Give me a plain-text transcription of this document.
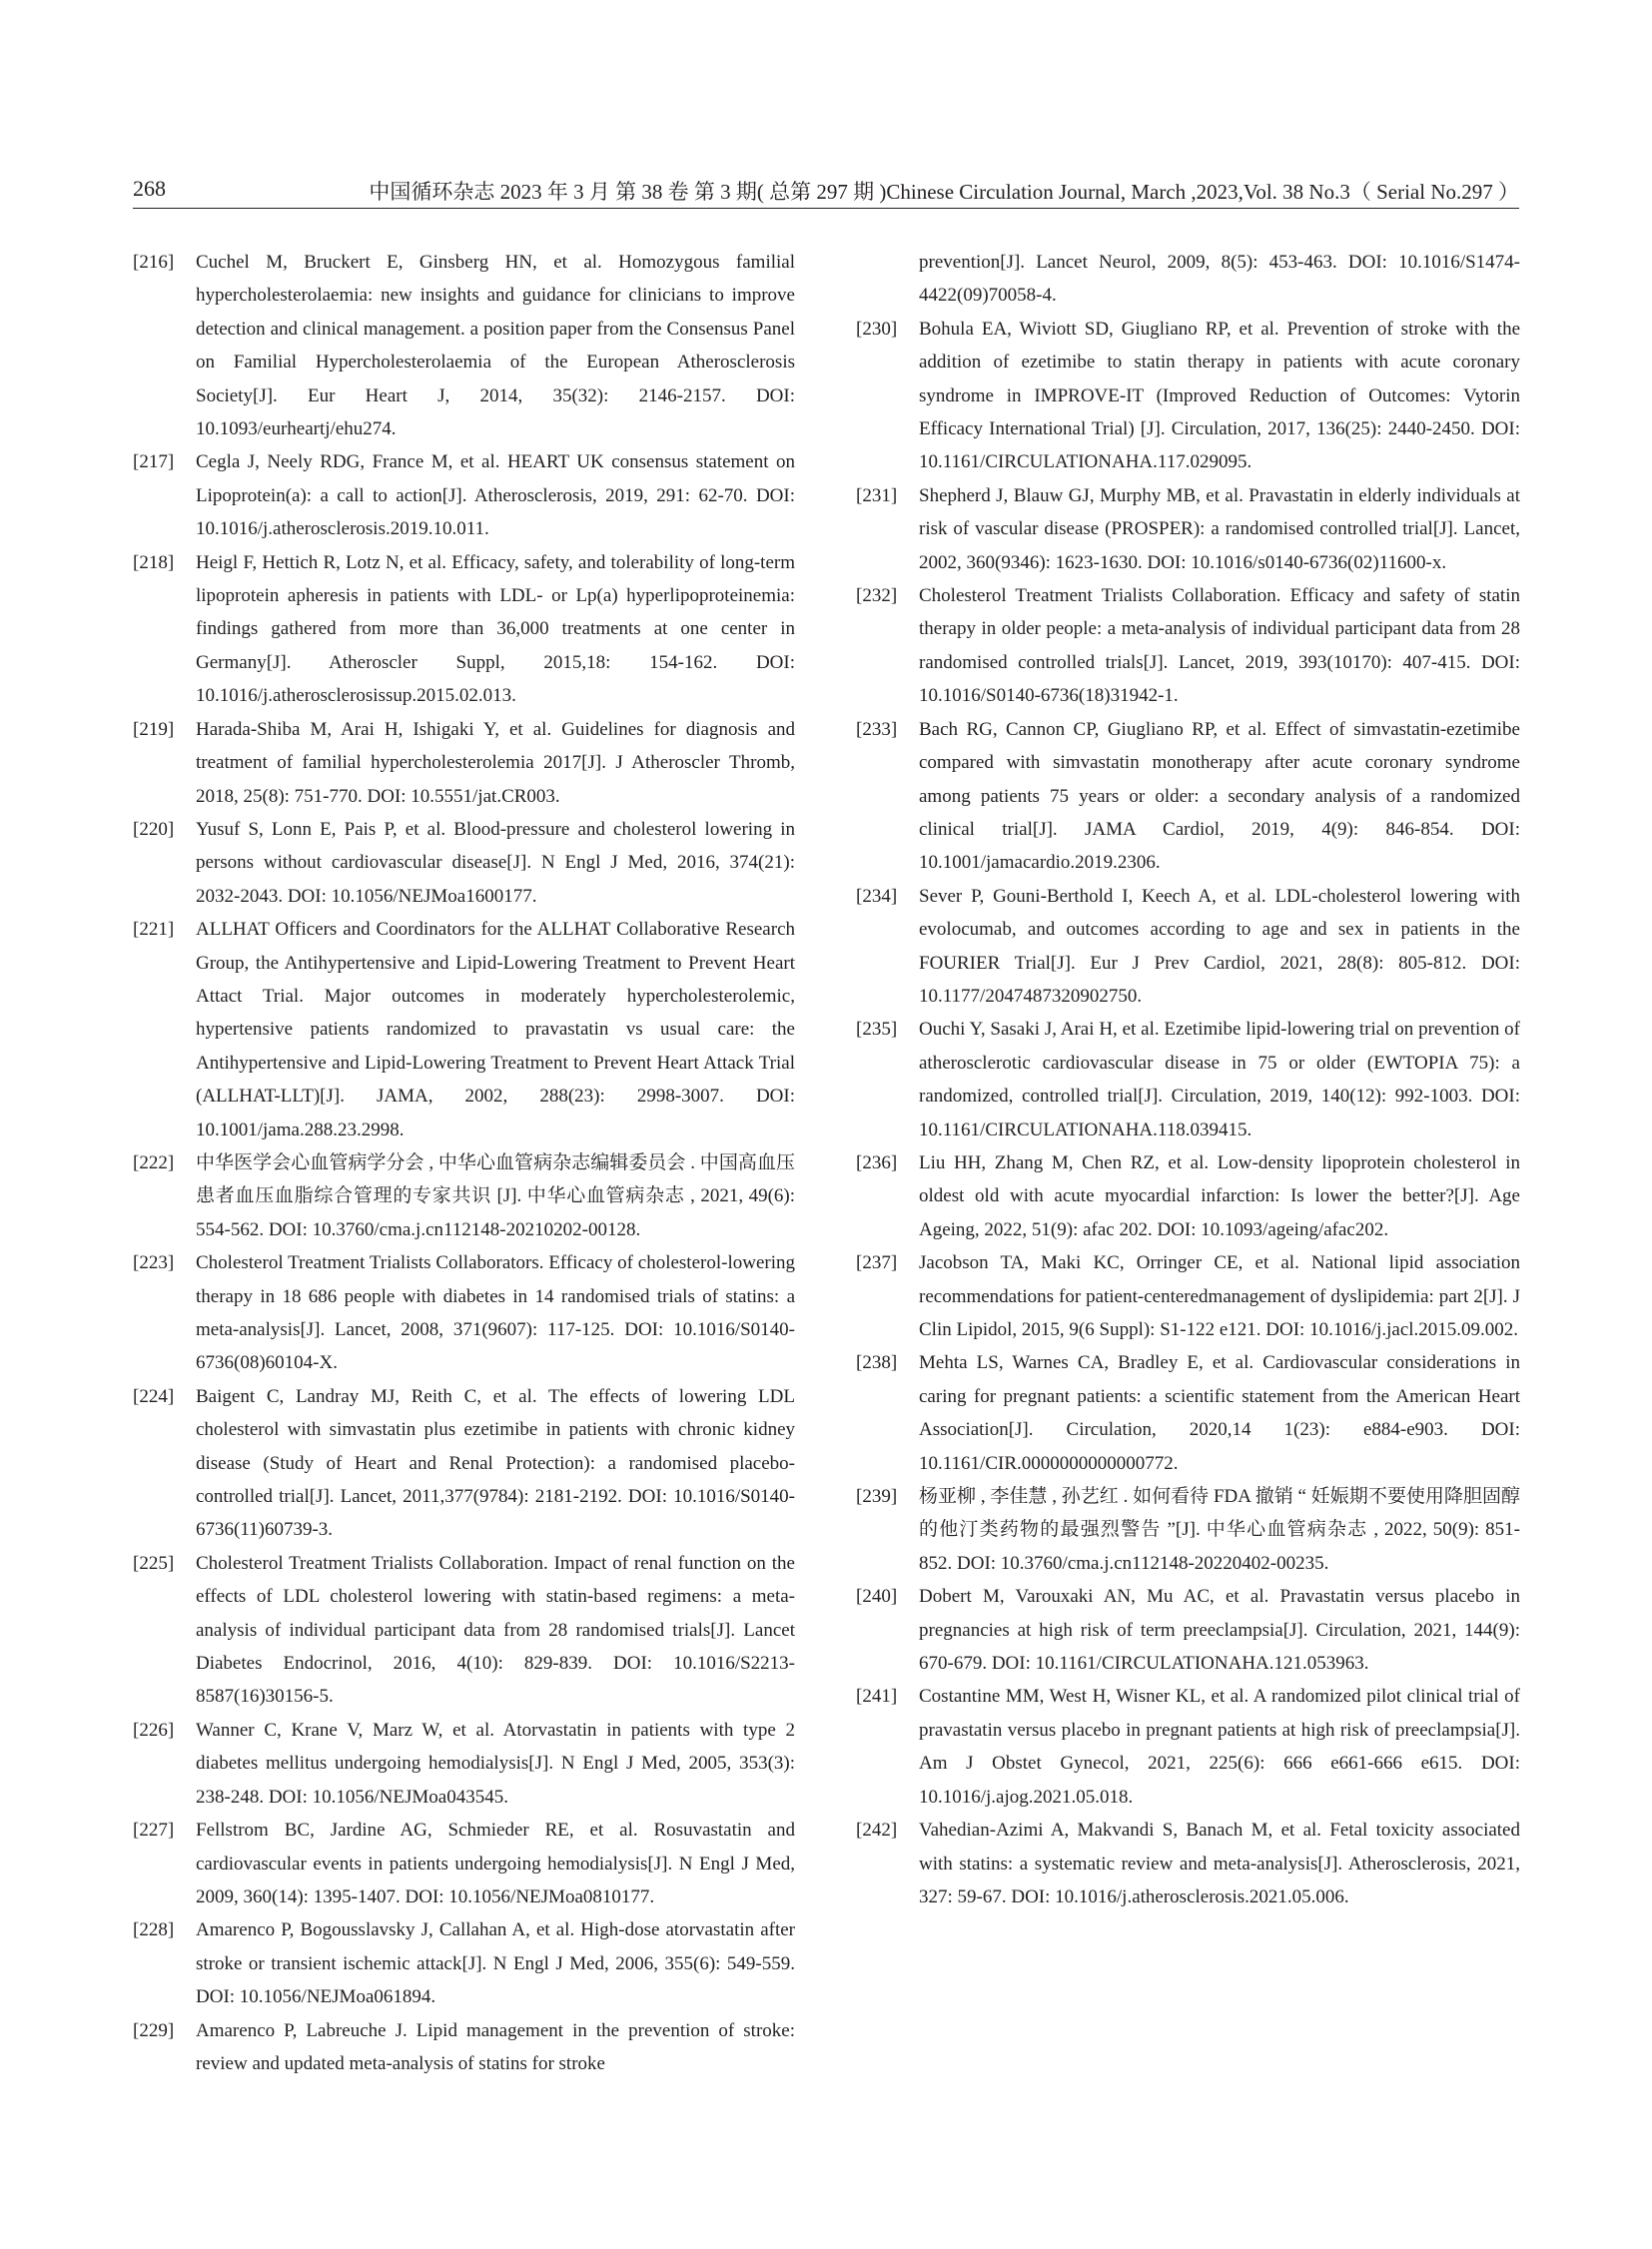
268	中国循环杂志 2023 年 3 月 第 38 卷 第 3 期( 总第 297 期 )Chinese Circulation Journal, March ,2023,Vol. 38 No.3（ Serial No.297 ）
[216] Cuchel M, Bruckert E, Ginsberg HN, et al. Homozygous familial hypercholesterolaemia: new insights and guidance for clinicians to improve detection and clinical management. a position paper from the Consensus Panel on Familial Hypercholesterolaemia of the European Atherosclerosis Society[J]. Eur Heart J, 2014, 35(32): 2146-2157. DOI: 10.1093/eurheartj/ehu274.
[217] Cegla J, Neely RDG, France M, et al. HEART UK consensus statement on Lipoprotein(a): a call to action[J]. Atherosclerosis, 2019, 291: 62-70. DOI: 10.1016/j.atherosclerosis.2019.10.011.
[218] Heigl F, Hettich R, Lotz N, et al. Efficacy, safety, and tolerability of long-term lipoprotein apheresis in patients with LDL- or Lp(a) hyperlipoproteinemia: findings gathered from more than 36,000 treatments at one center in Germany[J]. Atheroscler Suppl, 2015,18: 154-162. DOI: 10.1016/j.atherosclerosissup.2015.02.013.
[219] Harada-Shiba M, Arai H, Ishigaki Y, et al. Guidelines for diagnosis and treatment of familial hypercholesterolemia 2017[J]. J Atheroscler Thromb, 2018, 25(8): 751-770. DOI: 10.5551/jat.CR003.
[220] Yusuf S, Lonn E, Pais P, et al. Blood-pressure and cholesterol lowering in persons without cardiovascular disease[J]. N Engl J Med, 2016, 374(21): 2032-2043. DOI: 10.1056/NEJMoa1600177.
[221] ALLHAT Officers and Coordinators for the ALLHAT Collaborative Research Group, the Antihypertensive and Lipid-Lowering Treatment to Prevent Heart Attact Trial. Major outcomes in moderately hypercholesterolemic, hypertensive patients randomized to pravastatin vs usual care: the Antihypertensive and Lipid-Lowering Treatment to Prevent Heart Attack Trial (ALLHAT-LLT)[J]. JAMA, 2002, 288(23): 2998-3007. DOI: 10.1001/jama.288.23.2998.
[222] 中华医学会心血管病学分会 , 中华心血管病杂志编辑委员会 . 中国高血压患者血压血脂综合管理的专家共识 [J]. 中华心血管病杂志 , 2021, 49(6): 554-562. DOI: 10.3760/cma.j.cn112148-20210202-00128.
[223] Cholesterol Treatment Trialists Collaborators. Efficacy of cholesterol-lowering therapy in 18 686 people with diabetes in 14 randomised trials of statins: a meta-analysis[J]. Lancet, 2008, 371(9607): 117-125. DOI: 10.1016/S0140-6736(08)60104-X.
[224] Baigent C, Landray MJ, Reith C, et al. The effects of lowering LDL cholesterol with simvastatin plus ezetimibe in patients with chronic kidney disease (Study of Heart and Renal Protection): a randomised placebo-controlled trial[J]. Lancet, 2011,377(9784): 2181-2192. DOI: 10.1016/S0140-6736(11)60739-3.
[225] Cholesterol Treatment Trialists Collaboration. Impact of renal function on the effects of LDL cholesterol lowering with statin-based regimens: a meta-analysis of individual participant data from 28 randomised trials[J]. Lancet Diabetes Endocrinol, 2016, 4(10): 829-839. DOI: 10.1016/S2213-8587(16)30156-5.
[226] Wanner C, Krane V, Marz W, et al. Atorvastatin in patients with type 2 diabetes mellitus undergoing hemodialysis[J]. N Engl J Med, 2005, 353(3): 238-248. DOI: 10.1056/NEJMoa043545.
[227] Fellstrom BC, Jardine AG, Schmieder RE, et al. Rosuvastatin and cardiovascular events in patients undergoing hemodialysis[J]. N Engl J Med, 2009, 360(14): 1395-1407. DOI: 10.1056/NEJMoa0810177.
[228] Amarenco P, Bogousslavsky J, Callahan A, et al. High-dose atorvastatin after stroke or transient ischemic attack[J]. N Engl J Med, 2006, 355(6): 549-559. DOI: 10.1056/NEJMoa061894.
[229] Amarenco P, Labreuche J. Lipid management in the prevention of stroke: review and updated meta-analysis of statins for stroke
prevention[J]. Lancet Neurol, 2009, 8(5): 453-463. DOI: 10.1016/S1474-4422(09)70058-4.
[230] Bohula EA, Wiviott SD, Giugliano RP, et al. Prevention of stroke with the addition of ezetimibe to statin therapy in patients with acute coronary syndrome in IMPROVE-IT (Improved Reduction of Outcomes: Vytorin Efficacy International Trial) [J]. Circulation, 2017, 136(25): 2440-2450. DOI: 10.1161/CIRCULATIONAHA.117.029095.
[231] Shepherd J, Blauw GJ, Murphy MB, et al. Pravastatin in elderly individuals at risk of vascular disease (PROSPER): a randomised controlled trial[J]. Lancet, 2002, 360(9346): 1623-1630. DOI: 10.1016/s0140-6736(02)11600-x.
[232] Cholesterol Treatment Trialists Collaboration. Efficacy and safety of statin therapy in older people: a meta-analysis of individual participant data from 28 randomised controlled trials[J]. Lancet, 2019, 393(10170): 407-415. DOI: 10.1016/S0140-6736(18)31942-1.
[233] Bach RG, Cannon CP, Giugliano RP, et al. Effect of simvastatin-ezetimibe compared with simvastatin monotherapy after acute coronary syndrome among patients 75 years or older: a secondary analysis of a randomized clinical trial[J]. JAMA Cardiol, 2019, 4(9): 846-854. DOI: 10.1001/jamacardio.2019.2306.
[234] Sever P, Gouni-Berthold I, Keech A, et al. LDL-cholesterol lowering with evolocumab, and outcomes according to age and sex in patients in the FOURIER Trial[J]. Eur J Prev Cardiol, 2021, 28(8): 805-812. DOI: 10.1177/2047487320902750.
[235] Ouchi Y, Sasaki J, Arai H, et al. Ezetimibe lipid-lowering trial on prevention of atherosclerotic cardiovascular disease in 75 or older (EWTOPIA 75): a randomized, controlled trial[J]. Circulation, 2019, 140(12): 992-1003. DOI: 10.1161/CIRCULATIONAHA.118.039415.
[236] Liu HH, Zhang M, Chen RZ, et al. Low-density lipoprotein cholesterol in oldest old with acute myocardial infarction: Is lower the better?[J]. Age Ageing, 2022, 51(9): afac 202. DOI: 10.1093/ageing/afac202.
[237] Jacobson TA, Maki KC, Orringer CE, et al. National lipid association recommendations for patient-centeredmanagement of dyslipidemia: part 2[J]. J Clin Lipidol, 2015, 9(6 Suppl): S1-122 e121. DOI: 10.1016/j.jacl.2015.09.002.
[238] Mehta LS, Warnes CA, Bradley E, et al. Cardiovascular considerations in caring for pregnant patients: a scientific statement from the American Heart Association[J]. Circulation, 2020,14 1(23): e884-e903. DOI: 10.1161/CIR.0000000000000772.
[239] 杨亚柳 , 李佳慧 , 孙艺红 . 如何看待 FDA 撤销 “ 妊娠期不要使用降胆固醇的他汀类药物的最强烈警告 ”[J]. 中华心血管病杂志 , 2022, 50(9): 851-852. DOI: 10.3760/cma.j.cn112148-20220402-00235.
[240] Dobert M, Varouxaki AN, Mu AC, et al. Pravastatin versus placebo in pregnancies at high risk of term preeclampsia[J]. Circulation, 2021, 144(9): 670-679. DOI: 10.1161/CIRCULATIONAHA.121.053963.
[241] Costantine MM, West H, Wisner KL, et al. A randomized pilot clinical trial of pravastatin versus placebo in pregnant patients at high risk of preeclampsia[J]. Am J Obstet Gynecol, 2021, 225(6): 666 e661-666 e615. DOI: 10.1016/j.ajog.2021.05.018.
[242] Vahedian-Azimi A, Makvandi S, Banach M, et al. Fetal toxicity associated with statins: a systematic review and meta-analysis[J]. Atherosclerosis, 2021, 327: 59-67. DOI: 10.1016/j.atherosclerosis.2021.05.006.
